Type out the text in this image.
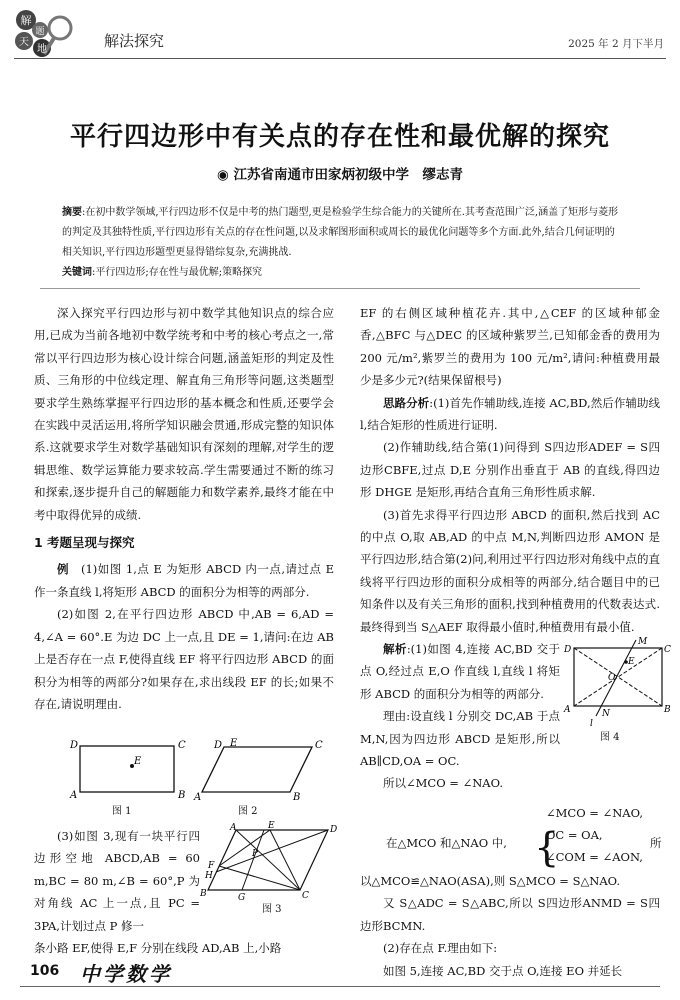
解
题
天
地	解法探究	2025 年 2 月下半月
平行四边形中有关点的存在性和最优解的探究
◉ 江苏省南通市田家炳初级中学　缪志青
摘要:在初中数学领域,平行四边形不仅是中考的热门题型,更是检验学生综合能力的关键所在.其考查范围广泛,涵盖了矩形与菱形的判定及其独特性质,平行四边形有关点的存在性问题,以及求解图形面积或周长的最优化问题等多个方面.此外,结合几何证明的相关知识,平行四边形题型更显得错综复杂,充满挑战.
关键词:平行四边形;存在性与最优解;策略探究

深入探究平行四边形与初中数学其他知识点的综合应用,已成为当前各地初中数学统考和中考的核心考点之一,常常以平行四边形为核心设计综合问题,涵盖矩形的判定及性质、三角形的中位线定理、解直角三角形等问题,这类题型要求学生熟练掌握平行四边形的基本概念和性质,还要学会在实践中灵活运用,将所学知识融会贯通,形成完整的知识体系.这就要求学生对数学基础知识有深刻的理解,对学生的逻辑思维、数学运算能力要求较高.学生需要通过不断的练习和探索,逐步提升自己的解题能力和数学素养,最终才能在中考中取得优异的成绩.

1 考题呈现与探究

例　 (1)如图 1,点 E 为矩形 ABCD 内一点,请过点 E 作一条直线 l,将矩形 ABCD 的面积分为相等的两部分.

(2)如图 2,在平行四边形 ABCD 中,AB = 6,AD = 4,∠A = 60°.E 为边 DC 上一点,且 DE = 1,请问:在边 AB 上是否存在一点 F,使得直线 EF 将平行四边形 ABCD 的面积分为相等的两部分?如果存在,求出线段 EF 的长;如果不存在,请说明理由.

E
D	C
A	B
图 1
D E	C
A	B
图 2

(3)如图 3,现有一块平行四边形空地 ABCD,AB = 60 m,BC = 80 m,∠B = 60°,P 为对角线 AC 上一点,且 PC = 3PA,计划过点 P 修一

条小路 EF,使得 E,F 分别在线段 AD,AB 上,小路

A	E	D
P
F
H
G
B	C
图 3

EF 的右侧区域种植花卉.其中,△CEF 的区域种郁金香,△BFC 与△DEC 的区域种紫罗兰,已知郁金香的费用为 200 元/m²,紫罗兰的费用为 100 元/m²,请问:种植费用最少是多少元?(结果保留根号)

思路分析:(1)首先作辅助线,连接 AC,BD,然后作辅助线 l,结合矩形的性质进行证明.

(2)作辅助线,结合第(1)问得到 S四边形ADEF = S四边形CBFE,过点 D,E 分别作出垂直于 AB 的直线,得四边形 DHGE 是矩形,再结合直角三角形性质求解.

(3)首先求得平行四边形 ABCD 的面积,然后找到 AC 的中点 O,取 AB,AD 的中点 M,N,判断四边形 AMON 是平行四边形,结合第(2)问,利用过平行四边形对角线中点的直线将平行四边形的面积分成相等的两部分,结合题目中的已知条件以及有关三角形的面积,找到种植费用的代数表达式.最终得到当 S△AEF 取得最小值时,种植费用有最小值.

解析:(1)如图 4,连接 AC,BD 交于点 O,经过点 E,O 作直线 l,直线 l 将矩形 ABCD 的面积分为相等的两部分.

理由:设直线 l 分别交 DC,AB 于点 M,N,因为四边形 ABCD 是矩形,所以 AB∥CD,OA = OC.

所以∠MCO = ∠NAO.

D	C
A	B
M
E
O
N
l
图 4
在△MCO 和△NAO 中, {
∠MCO = ∠NAO,
OC = OA,
∠COM = ∠AON,
所

以△MCO≌△NAO(ASA),则 S△MCO = S△NAO.

又 S△ADC = S△ABC,所以 S四边形ANMD = S四边形BCMN.

(2)存在点 F.理由如下:

如图 5,连接 AC,BD 交于点 O,连接 EO 并延长

106 中学数学
